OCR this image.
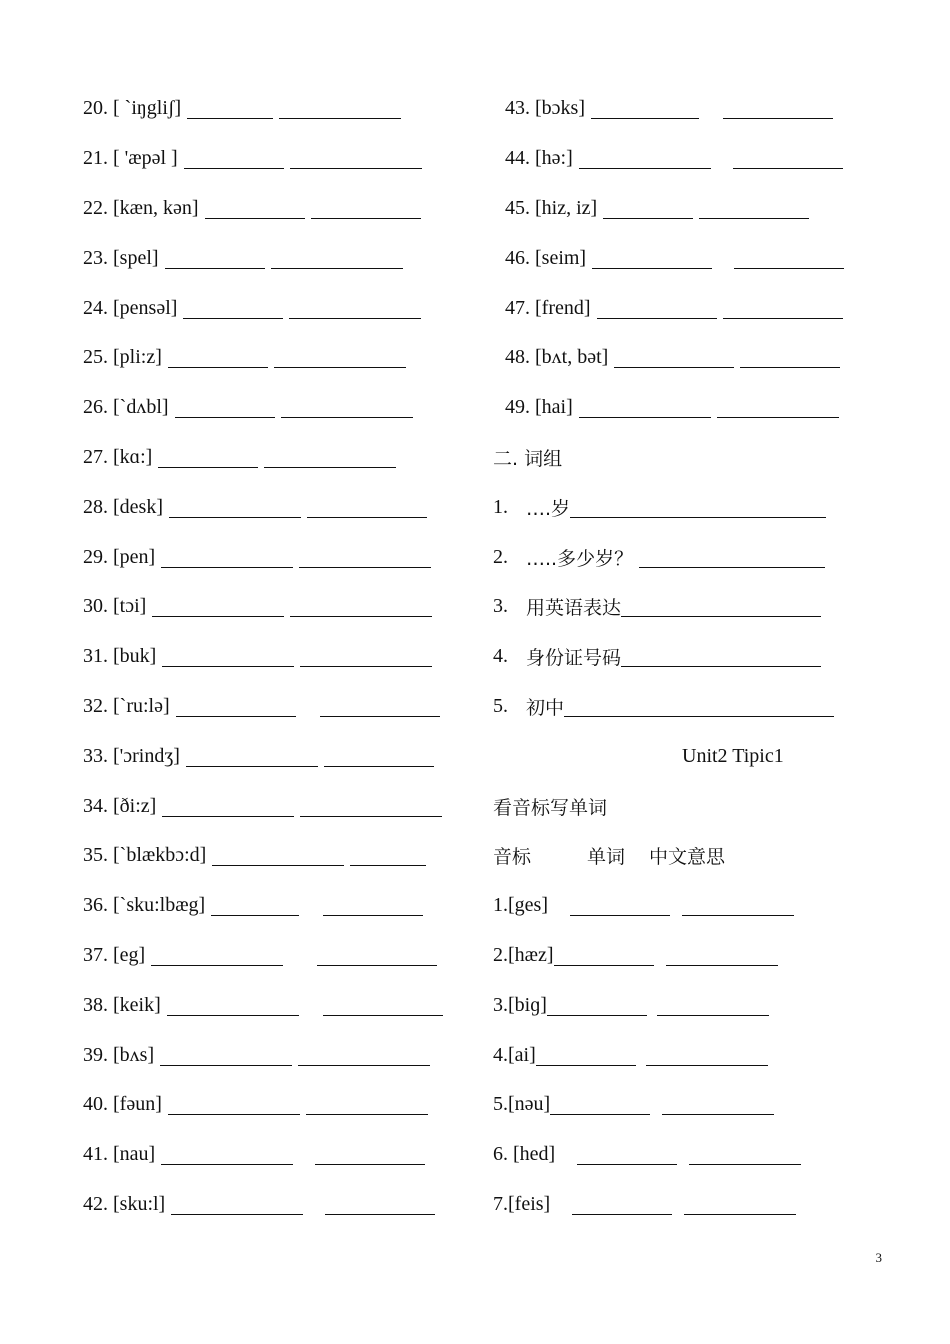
20. [ `iŋgliʃ]
21. [ 'æpəl ]
22. [kæn, kən]
23. [spel]
24. [pensəl]
25. [pli:z]
26. [`dʌbl]
27. [kɑ:]
28. [desk]
29. [pen]
30. [tɔi]
31. [buk]
32. [`ru:lə]
33. ['ɔrindʒ]
34. [ði:z]
35. [`blækbɔ:d]
36. [`sku:lbæg]
37. [eg]
38. [keik]
39. [bʌs]
40. [fəun]
41. [nau]
42. [sku:l]
43. [bɔks]
44. [hə:]
45. [hiz, iz]
46. [seim]
47. [frend]
48. [bʌt, bət]
49. [hai]
二. 词组
1. ….岁
2. …..多少岁？
3. 用英语表达
4. 身份证号码
5. 初中
Unit2 Tipic1
看音标写单词
音标	单词 中文意思
1.[ges]
2.[hæz]
3.[biɡ]
4.[ai]
5.[nəu]
6. [hed]
7.[feis]
3
